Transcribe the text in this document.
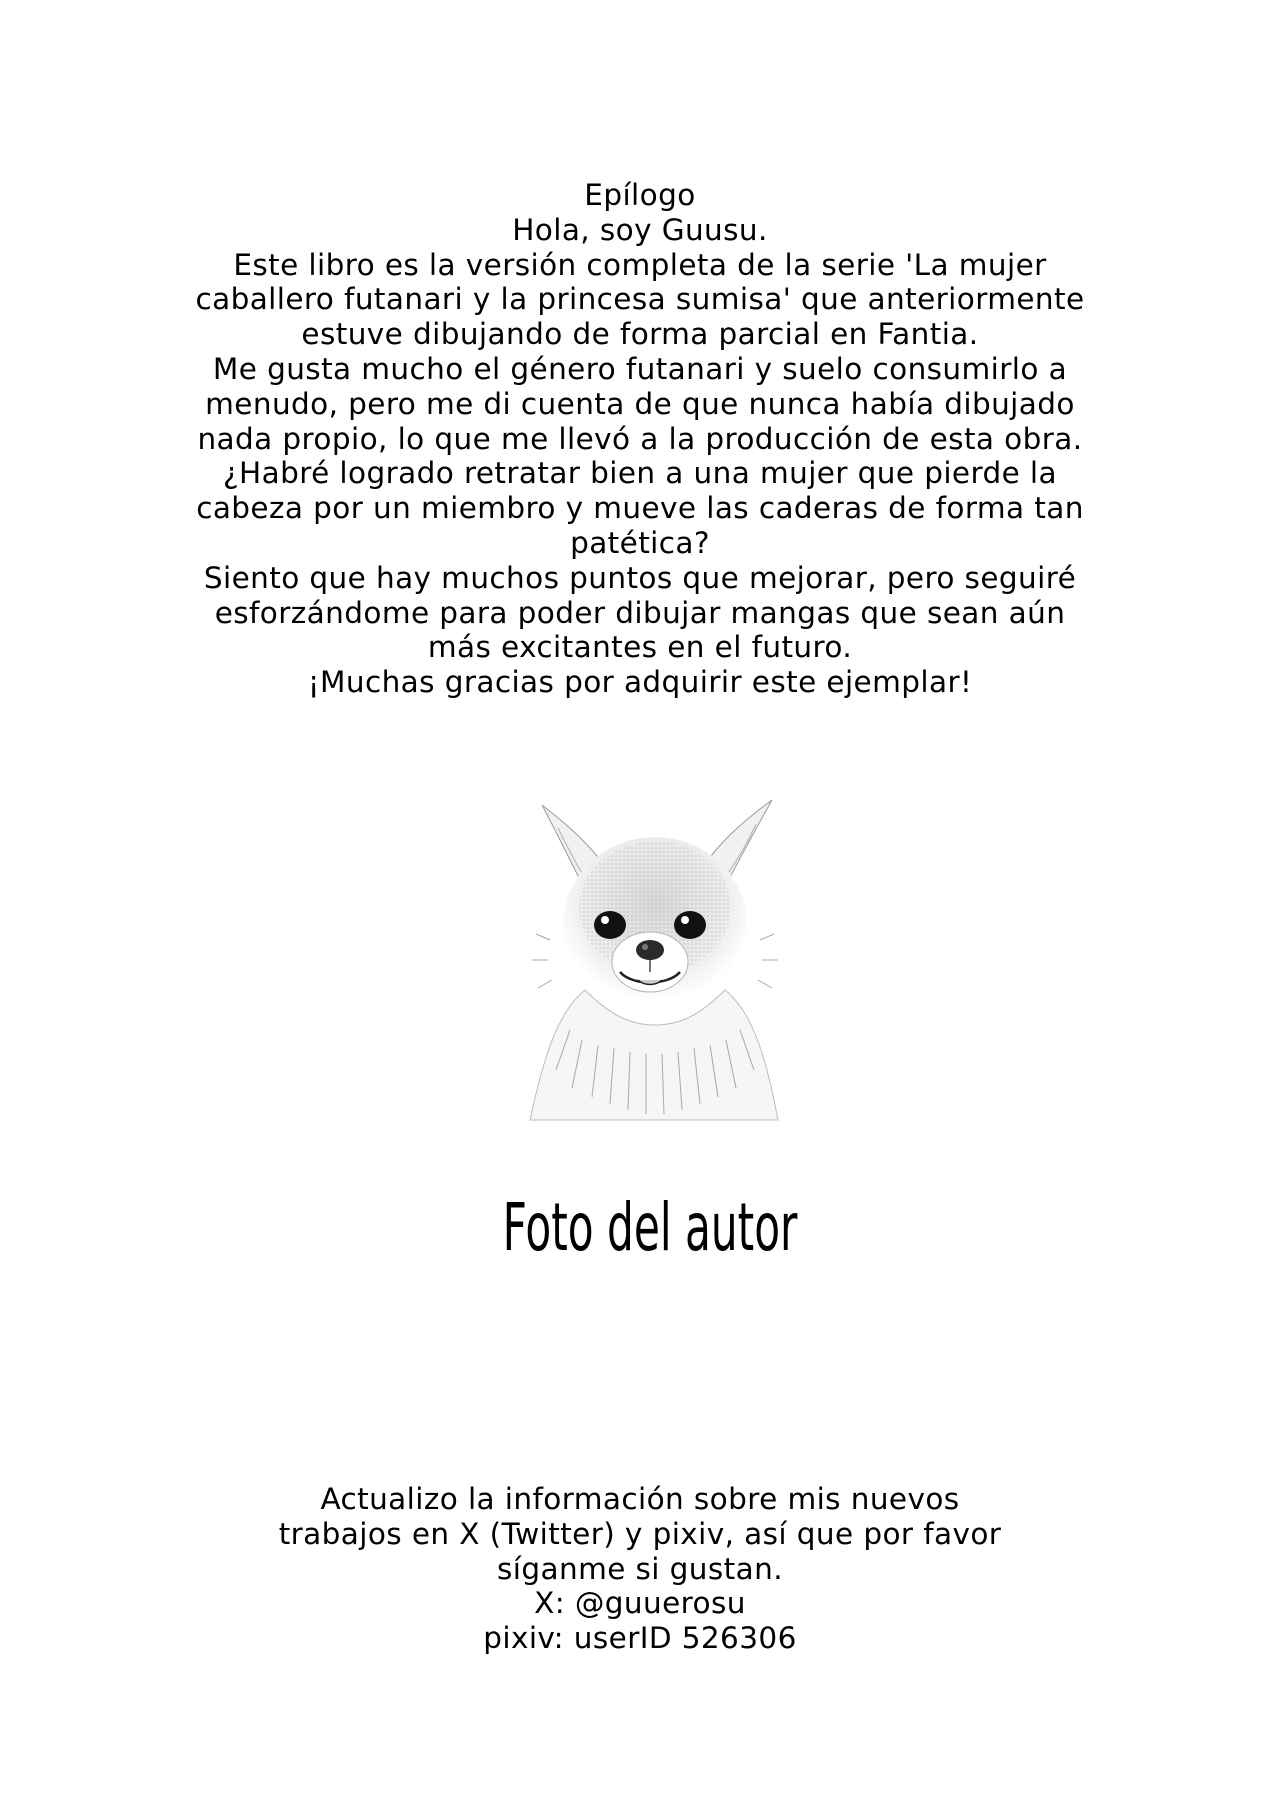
Epílogo
Hola, soy Guusu.
Este libro es la versión completa de la serie 'La mujer
caballero futanari y la princesa sumisa' que anteriormente
estuve dibujando de forma parcial en Fantia.
Me gusta mucho el género futanari y suelo consumirlo a
menudo, pero me di cuenta de que nunca había dibujado
nada propio, lo que me llevó a la producción de esta obra.
¿Habré logrado retratar bien a una mujer que pierde la
cabeza por un miembro y mueve las caderas de forma tan
patética?
Siento que hay muchos puntos que mejorar, pero seguiré
esforzándome para poder dibujar mangas que sean aún
más excitantes en el futuro.
¡Muchas gracias por adquirir este ejemplar!
Foto del autor
Actualizo la información sobre mis nuevos
trabajos en X (Twitter) y pixiv, así que por favor
síganme si gustan.
X: @guuerosu
pixiv: userID 526306
